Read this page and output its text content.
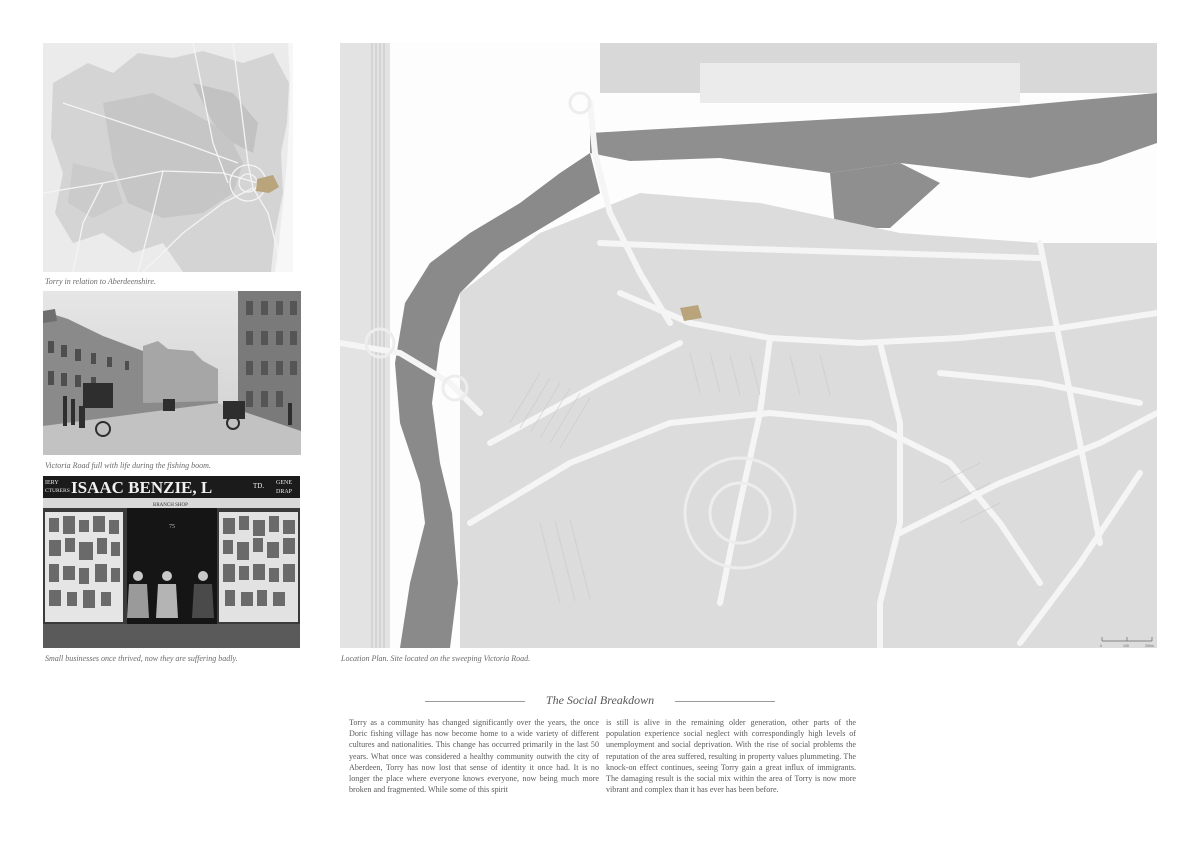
Torry in relation to Aberdeenshire.
Victoria Road full with life during the fishing boom.
IERY
CTURERS ISAAC BENZIE, L	TD. GENE
DRAP
BRANCH SHOP
75
Small businesses once thrived, now they are suffering badly.
0	100	200m
Location Plan. Site located on the sweeping Victoria Road.
The Social Breakdown
Torry as a community has changed significantly over the years, the once Doric fishing village has now become home to a wide variety of different cultures and nationalities. This change has occurred primarily in the last 50 years. What once was considered a healthy community outwith the city of Aberdeen, Torry has now lost that sense of identity it once had. It is no longer the place where everyone knows everyone, now being much more broken and fragmented. While some of this spirit
is still is alive in the remaining older generation, other parts of the population experience social neglect with correspondingly high levels of unemployment and social deprivation. With the rise of social problems the reputation of the area suffered, resulting in property values plummeting. The knock-on effect continues, seeing Torry gain a great influx of immigrants. The damaging result is the social mix within the area of Torry is now more vibrant and complex than it has ever has been before.
